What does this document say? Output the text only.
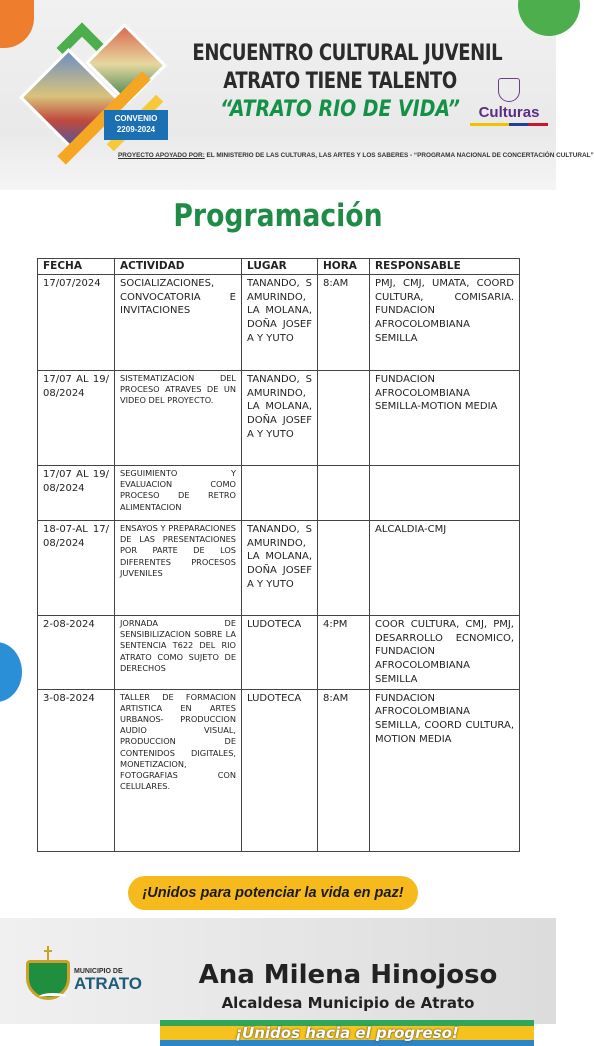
CONVENIO
2209-2024
ENCUENTRO CULTURAL JUVENIL
ATRATO TIENE TALENTO
“ATRATO RIO DE VIDA”	Culturas
PROYECTO APOYADO POR: EL MINISTERIO DE LAS CULTURAS, LAS ARTES Y LOS SABERES - “PROGRAMA NACIONAL DE CONCERTACIÓN CULTURAL”
Programación
FECHA	ACTIVIDAD	LUGAR	HORA	RESPONSABLE
17/07/2024	SOCIALIZACIONES, CONVOCATORIA E INVITACIONES	TANANDO, SAMURINDO, LA MOLANA, DOÑA JOSEFA Y YUTO	8:AM	PMJ, CMJ, UMATA, COORD CULTURA, COMISARIA. FUNDACION AFROCOLOMBIANA SEMILLA
17/07 AL 19/08/2024	SISTEMATIZACION DEL PROCESO ATRAVES DE UN VIDEO DEL PROYECTO.	TANANDO, SAMURINDO, LA MOLANA, DOÑA JOSEFA Y YUTO		FUNDACION AFROCOLOMBIANA SEMILLA-MOTION MEDIA
17/07 AL 19/08/2024	SEGUIMIENTO Y EVALUACION COMO PROCESO DE RETRO ALIMENTACION			
18-07-AL 17/08/2024	ENSAYOS Y PREPARACIONES DE LAS PRESENTACIONES POR PARTE DE LOS DIFERENTES PROCESOS JUVENILES	TANANDO, SAMURINDO, LA MOLANA, DOÑA JOSEFA Y YUTO		ALCALDIA-CMJ
2-08-2024	JORNADA DE SENSIBILIZACION SOBRE LA SENTENCIA T622 DEL RIO ATRATO COMO SUJETO DE DERECHOS	LUDOTECA	4:PM	COOR CULTURA, CMJ, PMJ, DESARROLLO ECNOMICO, FUNDACION AFROCOLOMBIANA SEMILLA
3-08-2024	TALLER DE FORMACION ARTISTICA EN ARTES URBANOS- PRODUCCION AUDIO VISUAL, PRODUCCION DE CONTENIDOS DIGITALES, MONETIZACION, FOTOGRAFIAS CON CELULARES.	LUDOTECA	8:AM	FUNDACION AFROCOLOMBIANA SEMILLA, COORD CULTURA, MOTION MEDIA
¡Unidos para potenciar la vida en paz!
MUNICIPIO DE
ATRATO	Ana Milena Hinojoso
Alcaldesa Municipio de Atrato
¡Unidos hacia el progreso!
